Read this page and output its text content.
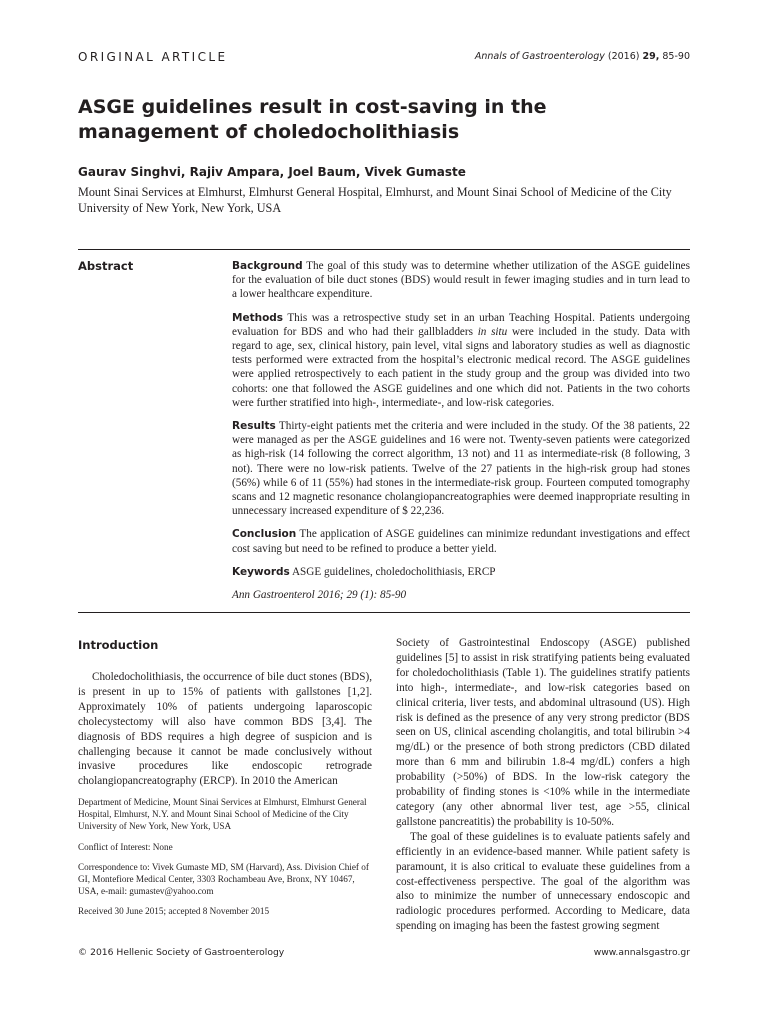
ORIGINAL ARTICLE	Annals of Gastroenterology (2016) 29, 85-90
ASGE guidelines result in cost-saving in the management of choledocholithiasis
Gaurav Singhvi, Rajiv Ampara, Joel Baum, Vivek Gumaste
Mount Sinai Services at Elmhurst, Elmhurst General Hospital, Elmhurst, and Mount Sinai School of Medicine of the City University of New York, New York, USA
Abstract	Background The goal of this study was to determine whether utilization of the ASGE guidelines for the evaluation of bile duct stones (BDS) would result in fewer imaging studies and in turn lead to a lower healthcare expenditure.

Methods This was a retrospective study set in an urban Teaching Hospital. Patients undergoing evaluation for BDS and who had their gallbladders in situ were included in the study. Data with regard to age, sex, clinical history, pain level, vital signs and laboratory studies as well as diagnostic tests performed were extracted from the hospital’s electronic medical record. The ASGE guidelines were applied retrospectively to each patient in the study group and the group was divided into two cohorts: one that followed the ASGE guidelines and one which did not. Patients in the two cohorts were further stratified into high-, intermediate-, and low-risk categories.

Results Thirty-eight patients met the criteria and were included in the study. Of the 38 patients, 22 were managed as per the ASGE guidelines and 16 were not. Twenty-seven patients were categorized as high-risk (14 following the correct algorithm, 13 not) and 11 as intermediate-risk (8 following, 3 not). There were no low-risk patients. Twelve of the 27 patients in the high-risk group had stones (56%) while 6 of 11 (55%) had stones in the intermediate-risk group. Fourteen computed tomography scans and 12 magnetic resonance cholangiopancreatographies were deemed inappropriate resulting in unnecessary increased expenditure of $ 22,236.

Conclusion The application of ASGE guidelines can minimize redundant investigations and effect cost saving but need to be refined to produce a better yield.

Keywords ASGE guidelines, choledocholithiasis, ERCP

Ann Gastroenterol 2016; 29 (1): 85-90

Introduction

Choledocholithiasis, the occurrence of bile duct stones (BDS), is present in up to 15% of patients with gallstones [1,2]. Approximately 10% of patients undergoing laparoscopic cholecystectomy will also have common BDS [3,4]. The diagnosis of BDS requires a high degree of suspicion and is challenging because it cannot be made conclusively without invasive procedures like endoscopic retrograde cholangiopancreatography (ERCP). In 2010 the American

Department of Medicine, Mount Sinai Services at Elmhurst, Elmhurst General Hospital, Elmhurst, N.Y. and Mount Sinai School of Medicine of the City University of New York, New York, USA

Conflict of Interest: None

Correspondence to: Vivek Gumaste MD, SM (Harvard), Ass. Division Chief of GI, Montefiore Medical Center, 3303 Rochambeau Ave, Bronx, NY 10467, USA, e-mail: gumastev@yahoo.com

Received 30 June 2015; accepted 8 November 2015

Society of Gastrointestinal Endoscopy (ASGE) published guidelines [5] to assist in risk stratifying patients being evaluated for choledocholithiasis (Table 1). The guidelines stratify patients into high-, intermediate-, and low-risk categories based on clinical criteria, liver tests, and abdominal ultrasound (US). High risk is defined as the presence of any very strong predictor (BDS seen on US, clinical ascending cholangitis, and total bilirubin >4 mg/dL) or the presence of both strong predictors (CBD dilated more than 6 mm and bilirubin 1.8-4 mg/dL) confers a high probability (>50%) of BDS. In the low-risk category the probability of finding stones is <10% while in the intermediate category (any other abnormal liver test, age >55, clinical gallstone pancreatitis) the probability is 10-50%.

The goal of these guidelines is to evaluate patients safely and efficiently in an evidence-based manner. While patient safety is paramount, it is also critical to evaluate these guidelines from a cost-effectiveness perspective. The goal of the algorithm was also to minimize the number of unnecessary endoscopic and radiologic procedures performed. According to Medicare, data spending on imaging has been the fastest growing segment

© 2016 Hellenic Society of Gastroenterology	www.annalsgastro.gr
